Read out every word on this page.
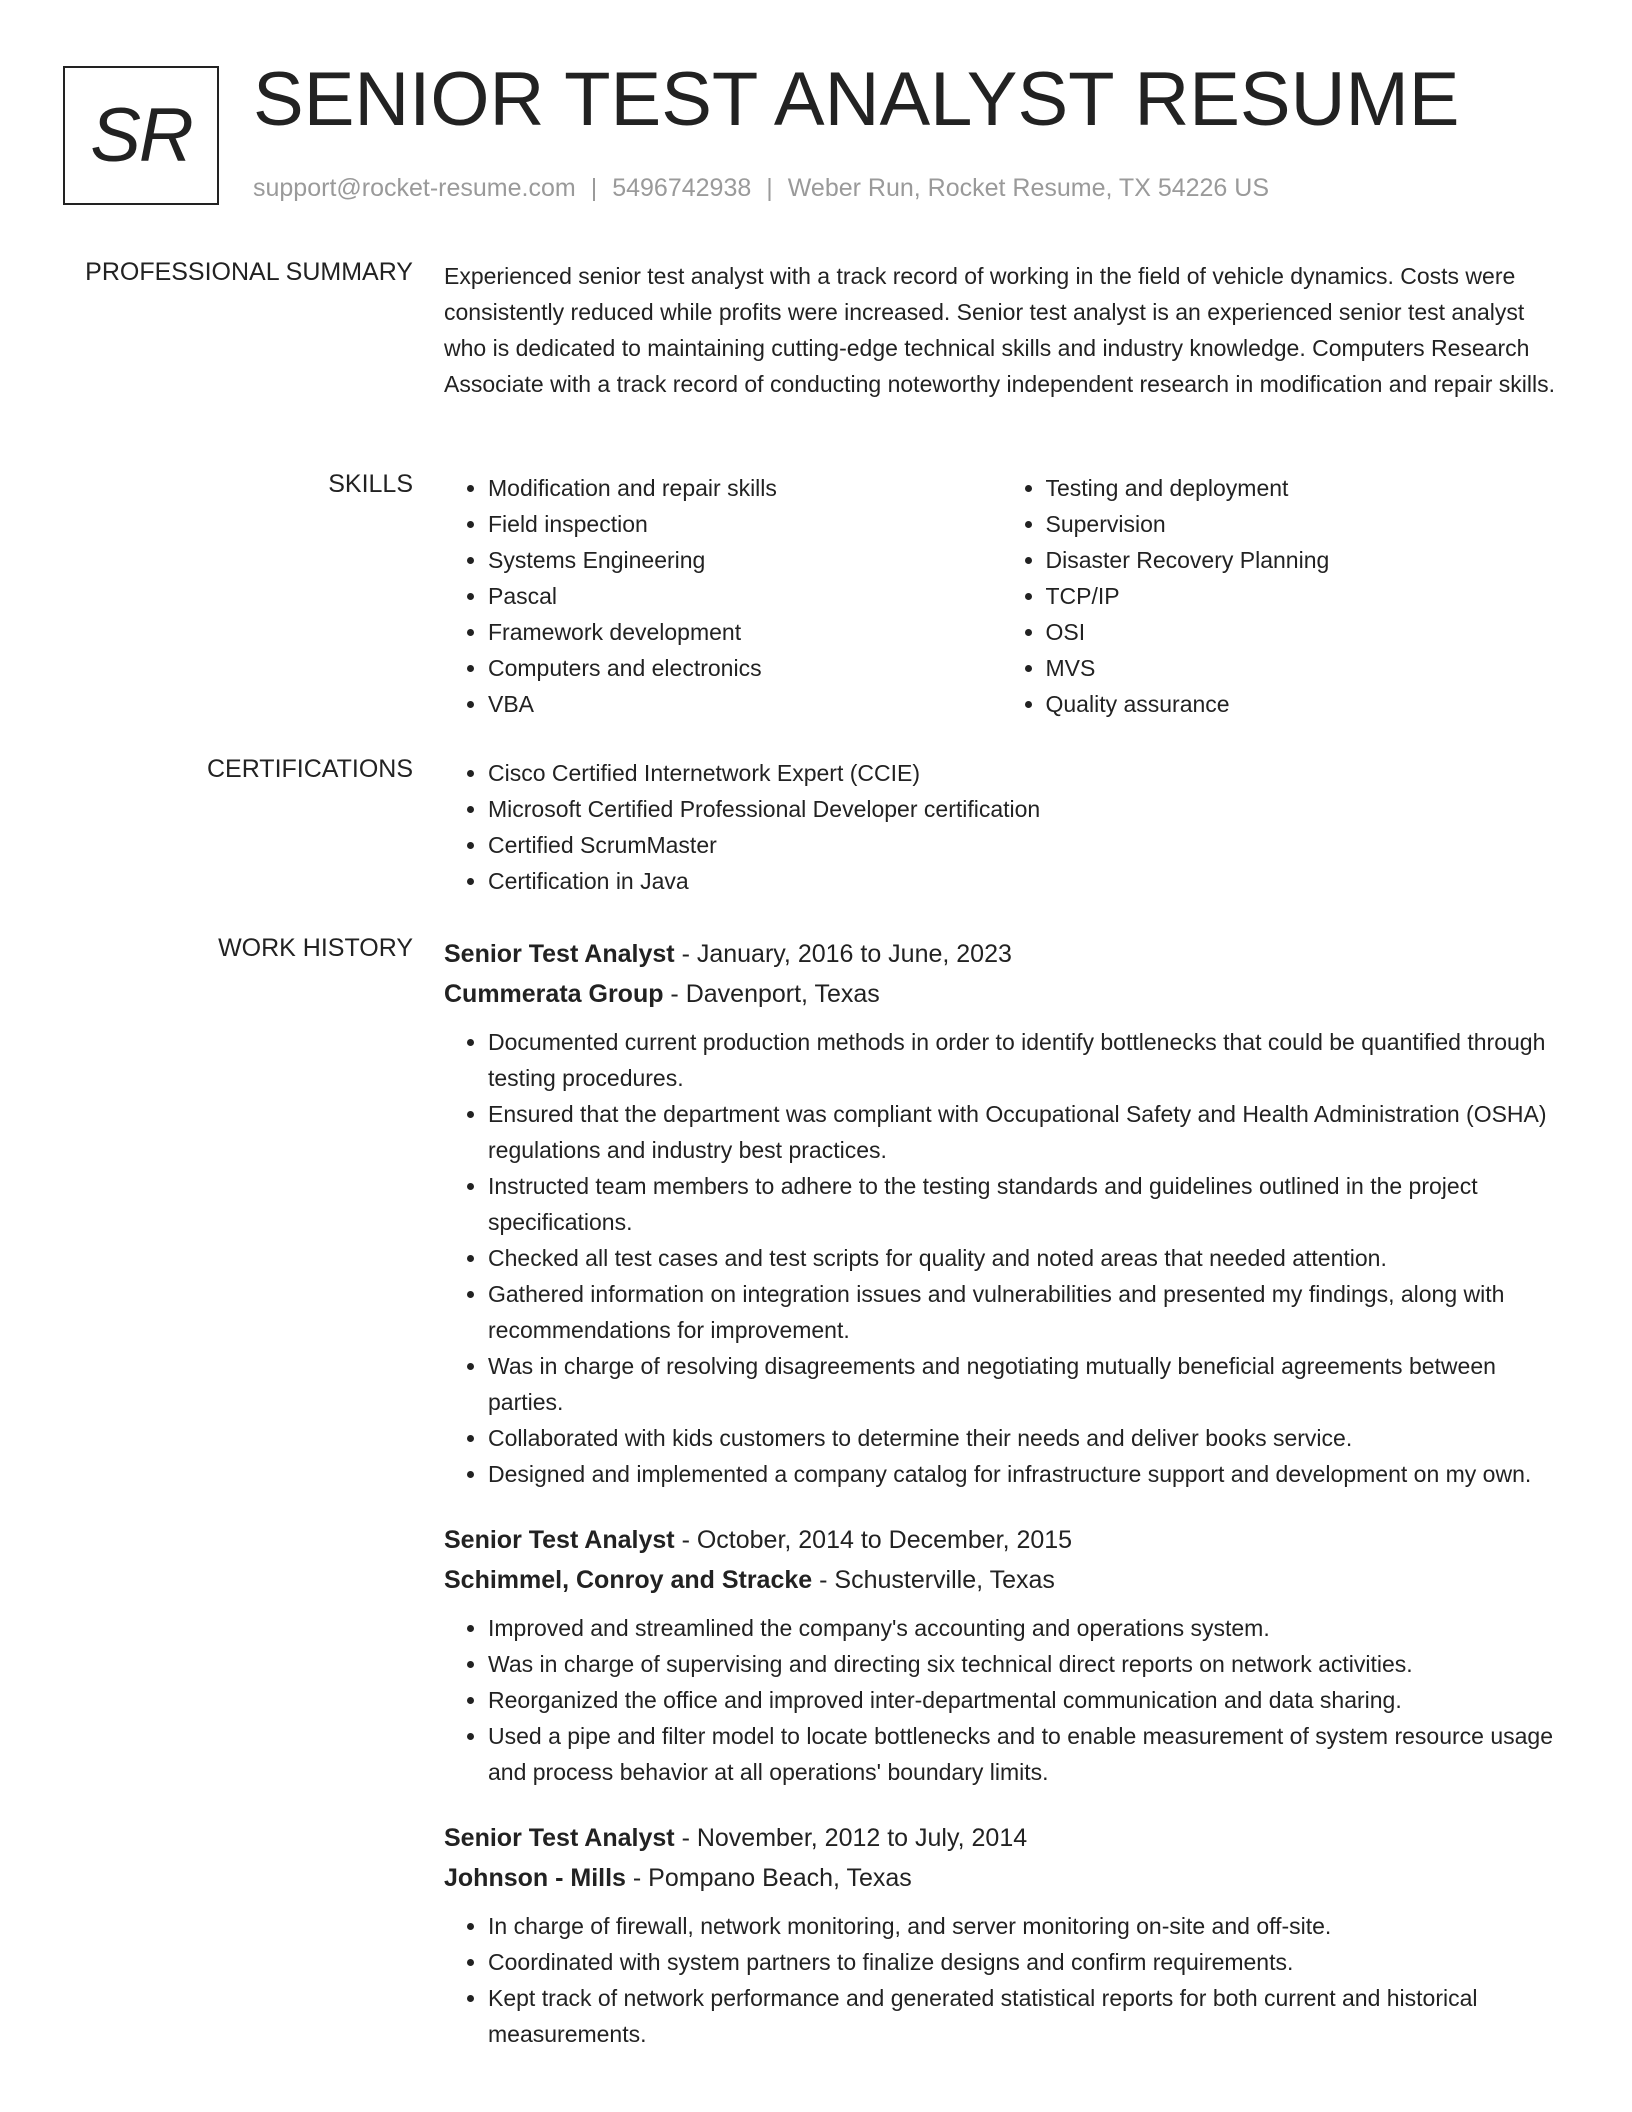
SR SENIOR TEST ANALYST RESUME
support@rocket-resume.com | 5496742938 | Weber Run, Rocket Resume, TX 54226 US
PROFESSIONAL SUMMARY Experienced senior test analyst with a track record of working in the field of vehicle dynamics. Costs were consistently reduced while profits were increased. Senior test analyst is an experienced senior test analyst who is dedicated to maintaining cutting-edge technical skills and industry knowledge. Computers Research Associate with a track record of conducting noteworthy independent research in modification and repair skills.

SKILLS	• Modification and repair skills
• Field inspection
• Systems Engineering
• Pascal
• Framework development
• Computers and electronics
• VBA
• Testing and deployment
• Supervision
• Disaster Recovery Planning
• TCP/IP
• OSI
• MVS
• Quality assurance
CERTIFICATIONS	• Cisco Certified Internetwork Expert (CCIE)
• Microsoft Certified Professional Developer certification
• Certified ScrumMaster
• Certification in Java
WORK HISTORY Senior Test Analyst - January, 2016 to June, 2023
Cummerata Group - Davenport, Texas
• Documented current production methods in order to identify bottlenecks that could be quantified through testing procedures.
• Ensured that the department was compliant with Occupational Safety and Health Administration (OSHA) regulations and industry best practices.
• Instructed team members to adhere to the testing standards and guidelines outlined in the project specifications.
• Checked all test cases and test scripts for quality and noted areas that needed attention.
• Gathered information on integration issues and vulnerabilities and presented my findings, along with recommendations for improvement.
• Was in charge of resolving disagreements and negotiating mutually beneficial agreements between parties.
• Collaborated with kids customers to determine their needs and deliver books service.
• Designed and implemented a company catalog for infrastructure support and development on my own.
Senior Test Analyst - October, 2014 to December, 2015
Schimmel, Conroy and Stracke - Schusterville, Texas
• Improved and streamlined the company's accounting and operations system.
• Was in charge of supervising and directing six technical direct reports on network activities.
• Reorganized the office and improved inter-departmental communication and data sharing.
• Used a pipe and filter model to locate bottlenecks and to enable measurement of system resource usage and process behavior at all operations' boundary limits.
Senior Test Analyst - November, 2012 to July, 2014
Johnson - Mills - Pompano Beach, Texas
• In charge of firewall, network monitoring, and server monitoring on-site and off-site.
• Coordinated with system partners to finalize designs and confirm requirements.
• Kept track of network performance and generated statistical reports for both current and historical measurements.
